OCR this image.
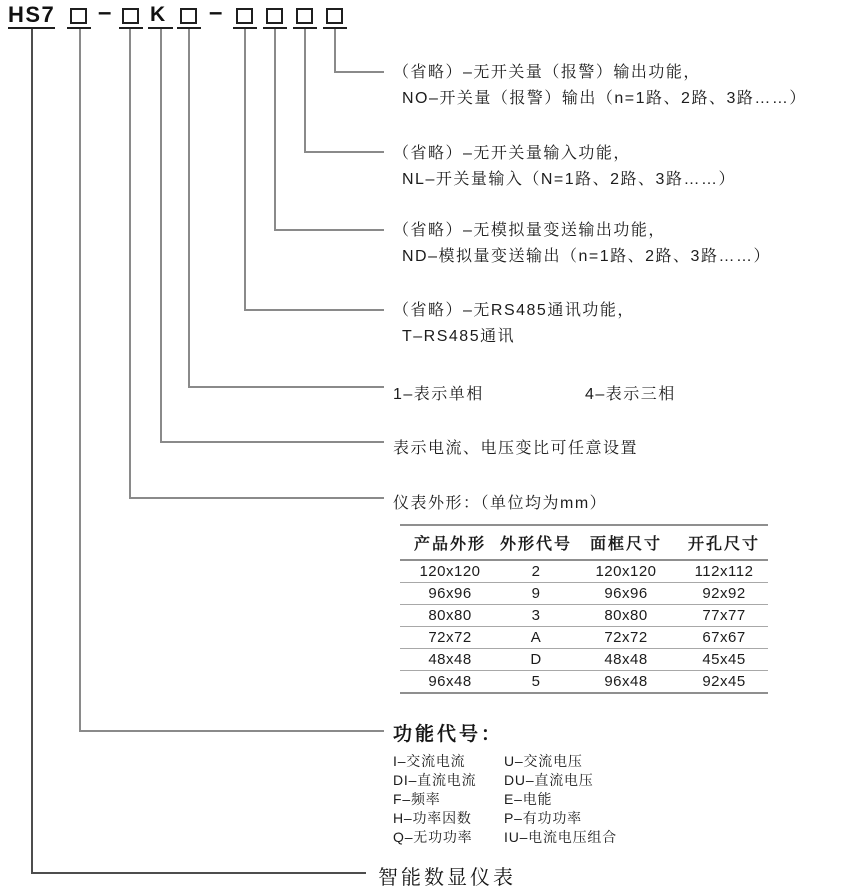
HS7 – K –
（省略）–无开关量（报警）输出功能，
NO–开关量（报警）输出（n=1路、2路、3路……）
（省略）–无开关量输入功能，
NL–开关量输入（N=1路、2路、3路……）
（省略）–无模拟量变送输出功能，
ND–模拟量变送输出（n=1路、2路、3路……）
（省略）–无RS485通讯功能，
T–RS485通讯
1–表示单相	4–表示三相
表示电流、电压变比可任意设置
仪表外形：（单位均为mm）
产品外形	外形代号	面框尺寸	开孔尺寸
120x120	2	120x120	112x112
96x96	9	96x96	92x92
80x80	3	80x80	77x77
72x72	A	72x72	67x67
48x48	D	48x48	45x45
96x48	5	96x48	92x45
功能代号：
I–交流电流
DI–直流电流
F–频率
H–功率因数
Q–无功功率
U–交流电压
DU–直流电压
E–电能
P–有功功率
IU–电流电压组合
智能数显仪表
